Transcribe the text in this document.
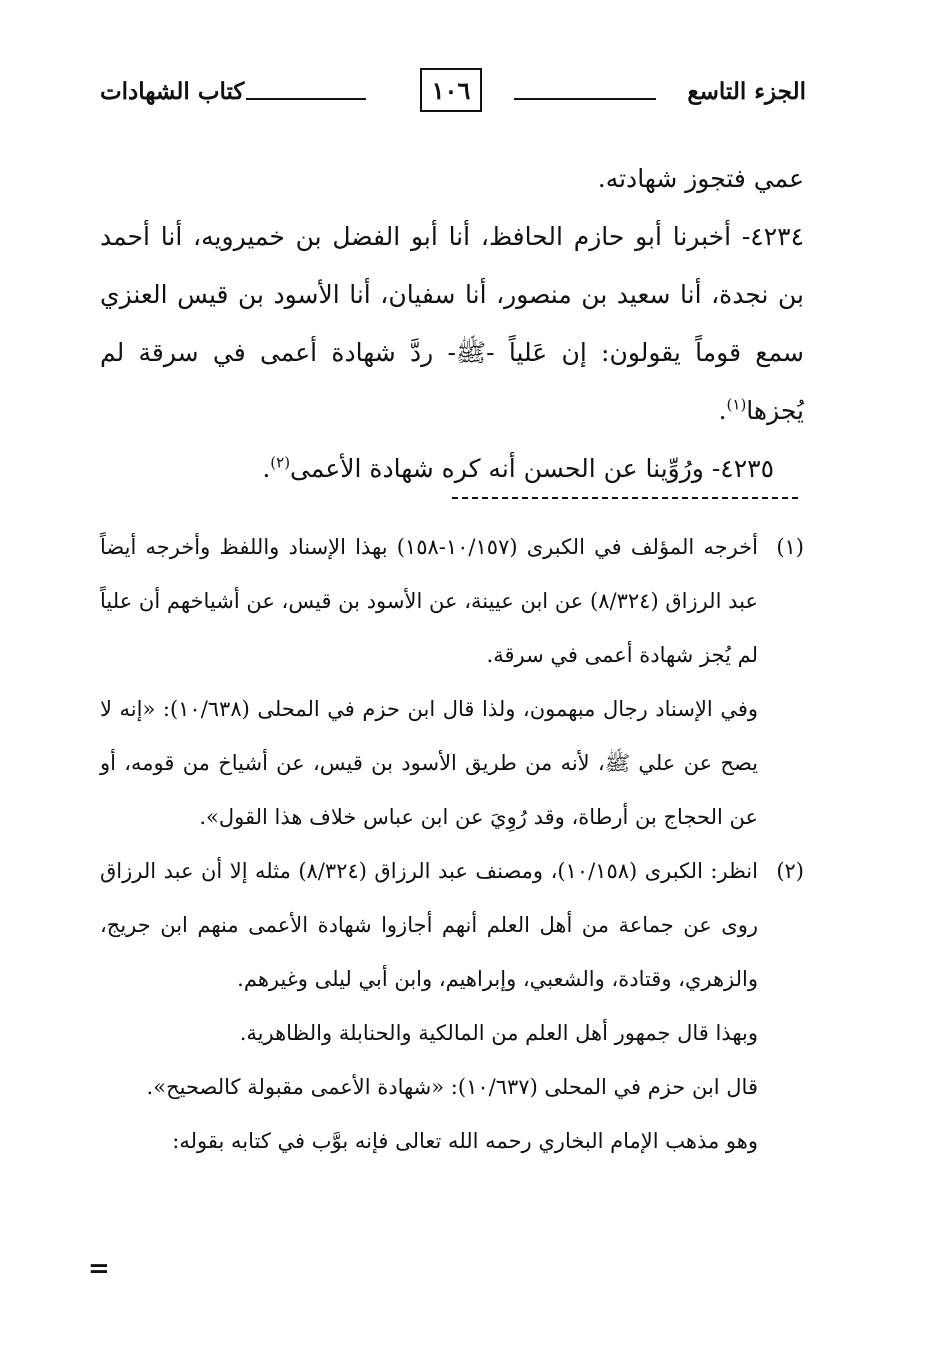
الجزء التاسع
١٠٦
كتاب الشهادات

عمي فتجوز شهادته.

٤٢٣٤- أخبرنا أبو حازم الحافظ، أنا أبو الفضل بن خميرويه، أنا أحمد بن نجدة، أنا سعيد بن منصور، أنا سفيان، أنا الأسود بن قيس العنزي سمع قوماً يقولون: إن عَلياً -ﷺ- ردَّ شهادة أعمى في سرقة لم يُجزها$^{(١)}$.

٤٢٣٥- ورُوِّينا عن الحسن أنه كره شهادة الأعمى$^{(٢)}$.

(١)
أخرجه المؤلف في الكبرى (١٠/١٥٧-١٥٨) بهذا الإسناد واللفظ وأخرجه أيضاً عبد الرزاق (٨/٣٢٤) عن ابن عيينة، عن الأسود بن قيس، عن أشياخهم أن علياً لم يُجز شهادة أعمى في سرقة.

وفي الإسناد رجال مبهمون، ولذا قال ابن حزم في المحلى (١٠/٦٣٨): «إنه لا يصح عن علي ﷺ، لأنه من طريق الأسود بن قيس، عن أشياخ من قومه، أو عن الحجاج بن أرطاة، وقد رُوِيَ عن ابن عباس خلاف هذا القول».

(٢)
انظر: الكبرى (١٠/١٥٨)، ومصنف عبد الرزاق (٨/٣٢٤) مثله إلا أن عبد الرزاق روى عن جماعة من أهل العلم أنهم أجازوا شهادة الأعمى منهم ابن جريج، والزهري، وقتادة، والشعبي، وإبراهيم، وابن أبي ليلى وغيرهم.

وبهذا قال جمهور أهل العلم من المالكية والحنابلة والظاهرية.

قال ابن حزم في المحلى (١٠/٦٣٧): «شهادة الأعمى مقبولة كالصحيح».

وهو مذهب الإمام البخاري رحمه الله تعالى فإنه بوَّب في كتابه بقوله:

=
